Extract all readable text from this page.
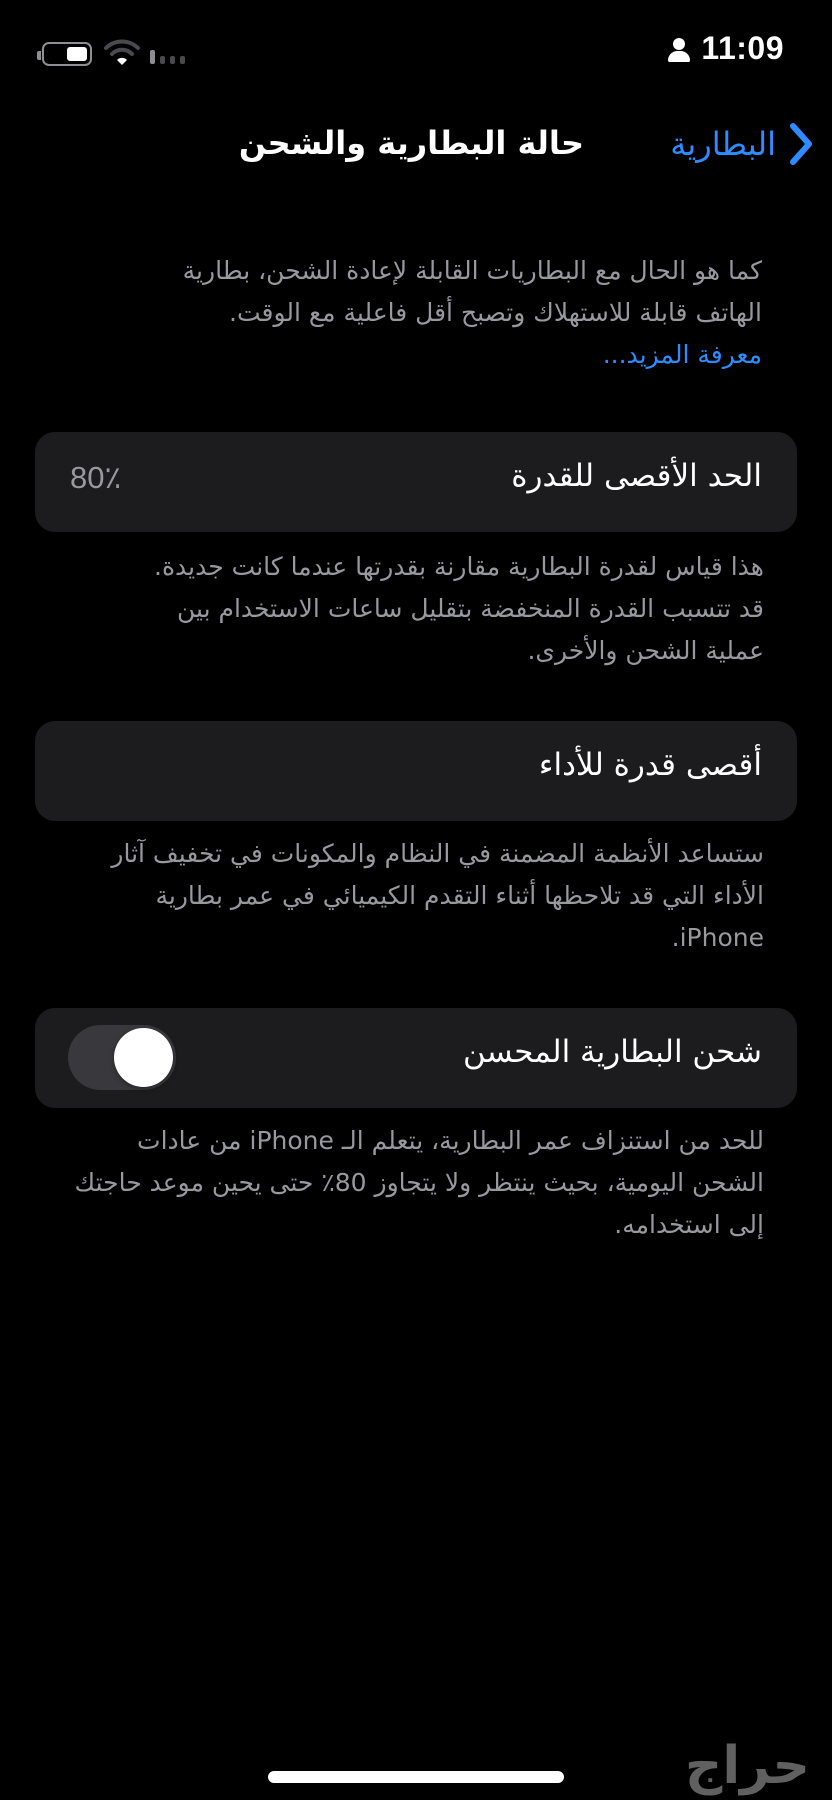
11:09
البطارية
حالة البطارية والشحن
كما هو الحال مع البطاريات القابلة لإعادة الشحن، بطارية الهاتف قابلة للاستهلاك وتصبح أقل فاعلية مع الوقت.
معرفة المزيد...
الحد الأقصى للقدرة
80٪
هذا قياس لقدرة البطارية مقارنة بقدرتها عندما كانت جديدة. قد تتسبب القدرة المنخفضة بتقليل ساعات الاستخدام بين عملية الشحن والأخرى.
أقصى قدرة للأداء
ستساعد الأنظمة المضمنة في النظام والمكونات في تخفيف آثار الأداء التي قد تلاحظها أثناء التقدم الكيميائي في عمر بطارية iPhone.
شحن البطارية المحسن
للحد من استنزاف عمر البطارية، يتعلم الـ iPhone من عادات الشحن اليومية، بحيث ينتظر ولا يتجاوز 80٪ حتى يحين موعد حاجتك إلى استخدامه.
حراج
